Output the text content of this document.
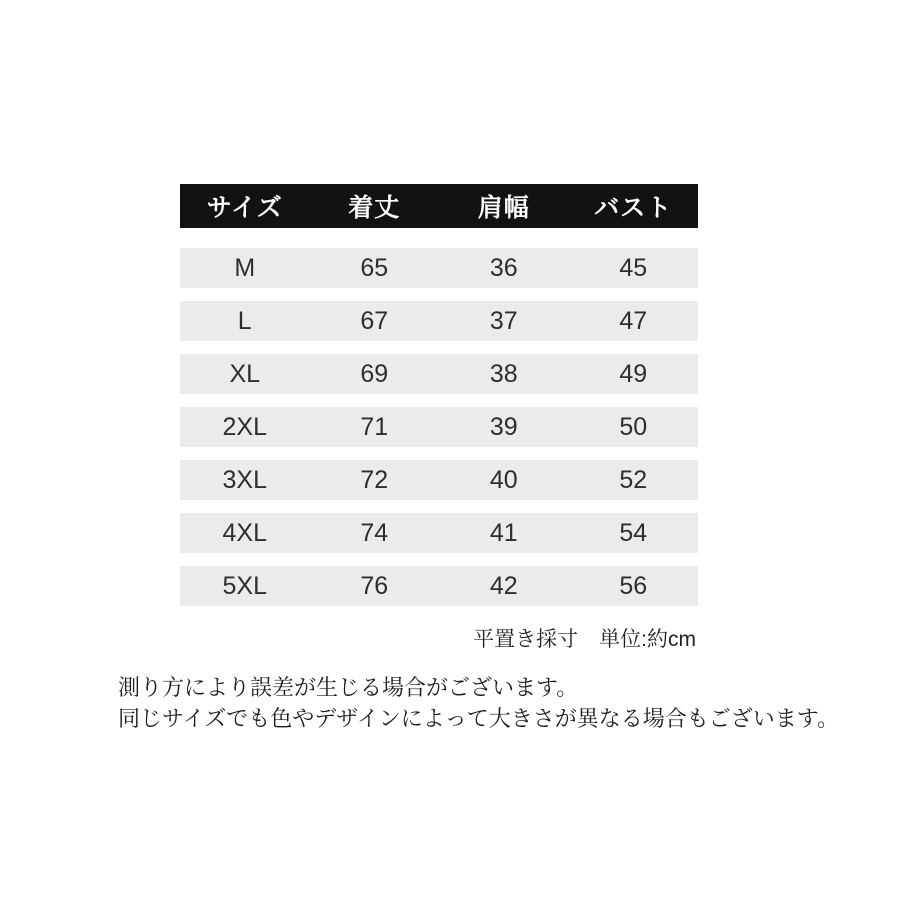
サイズ	着丈	肩幅	バスト
M	65	36	45
L	67	37	47
XL	69	38	49
2XL	71	39	50
3XL	72	40	52
4XL	74	41	54
5XL	76	42	56
平置き採寸　単位:約cm

測り方により誤差が生じる場合がございます。

同じサイズでも色やデザインによって大きさが異なる場合もございます。
